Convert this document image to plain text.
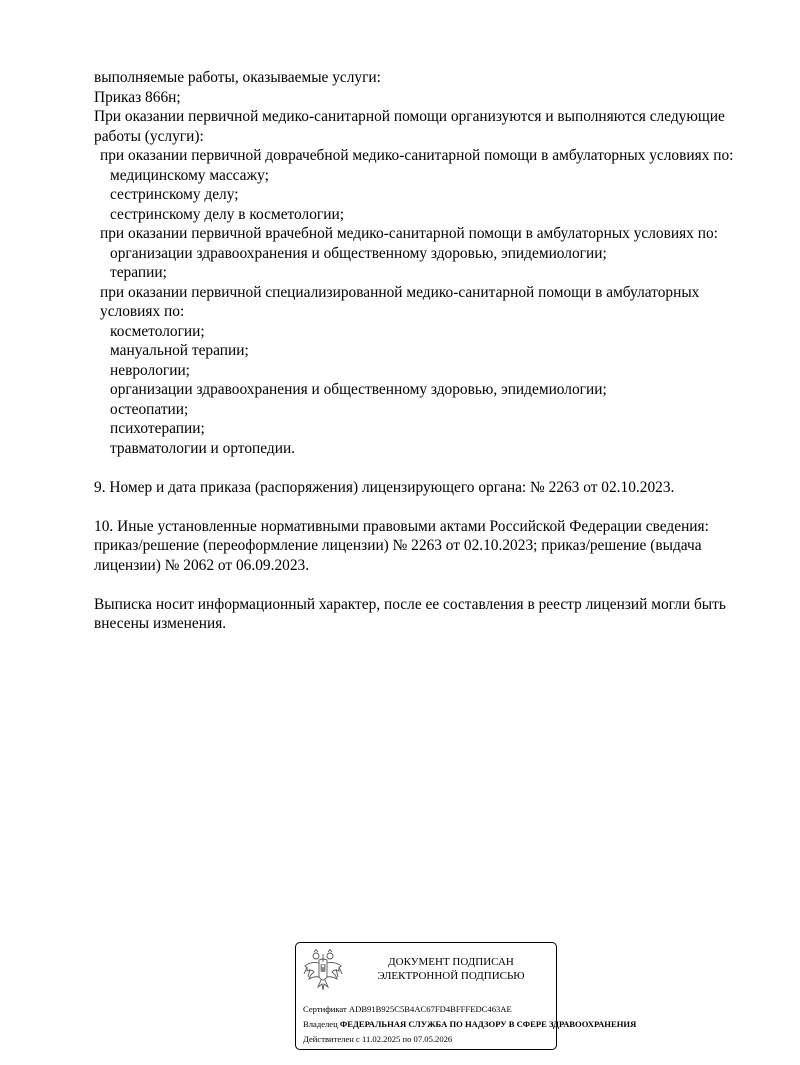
выполняемые работы, оказываемые услуги:

Приказ 866н;

При оказании первичной медико-санитарной помощи организуются и выполняются следующие работы (услуги):

при оказании первичной доврачебной медико-санитарной помощи в амбулаторных условиях по:

медицинскому массажу;

сестринскому делу;

сестринскому делу в косметологии;

при оказании первичной врачебной медико-санитарной помощи в амбулаторных условиях по:

организации здравоохранения и общественному здоровью, эпидемиологии;

терапии;

при оказании первичной специализированной медико-санитарной помощи в амбулаторных условиях по:

косметологии;

мануальной терапии;

неврологии;

организации здравоохранения и общественному здоровью, эпидемиологии;

остеопатии;

психотерапии;

травматологии и ортопедии.

9. Номер и дата приказа (распоряжения) лицензирующего органа: № 2263 от 02.10.2023.

10. Иные установленные нормативными правовыми актами Российской Федерации сведения: приказ/решение (переоформление лицензии) № 2263 от 02.10.2023; приказ/решение (выдача лицензии) № 2062 от 06.09.2023.

Выписка носит информационный характер, после ее составления в реестр лицензий могли быть внесены изменения.

ДОКУМЕНТ ПОДПИСАН
ЭЛЕКТРОННОЙ ПОДПИСЬЮ
Сертификат ADB91B925C5B4AC67FD4BFFFEDC463AE
Владелец ФЕДЕРАЛЬНАЯ СЛУЖБА ПО НАДЗОРУ В СФЕРЕ ЗДРАВООХРАНЕНИЯ
Действителен с 11.02.2025 по 07.05.2026
